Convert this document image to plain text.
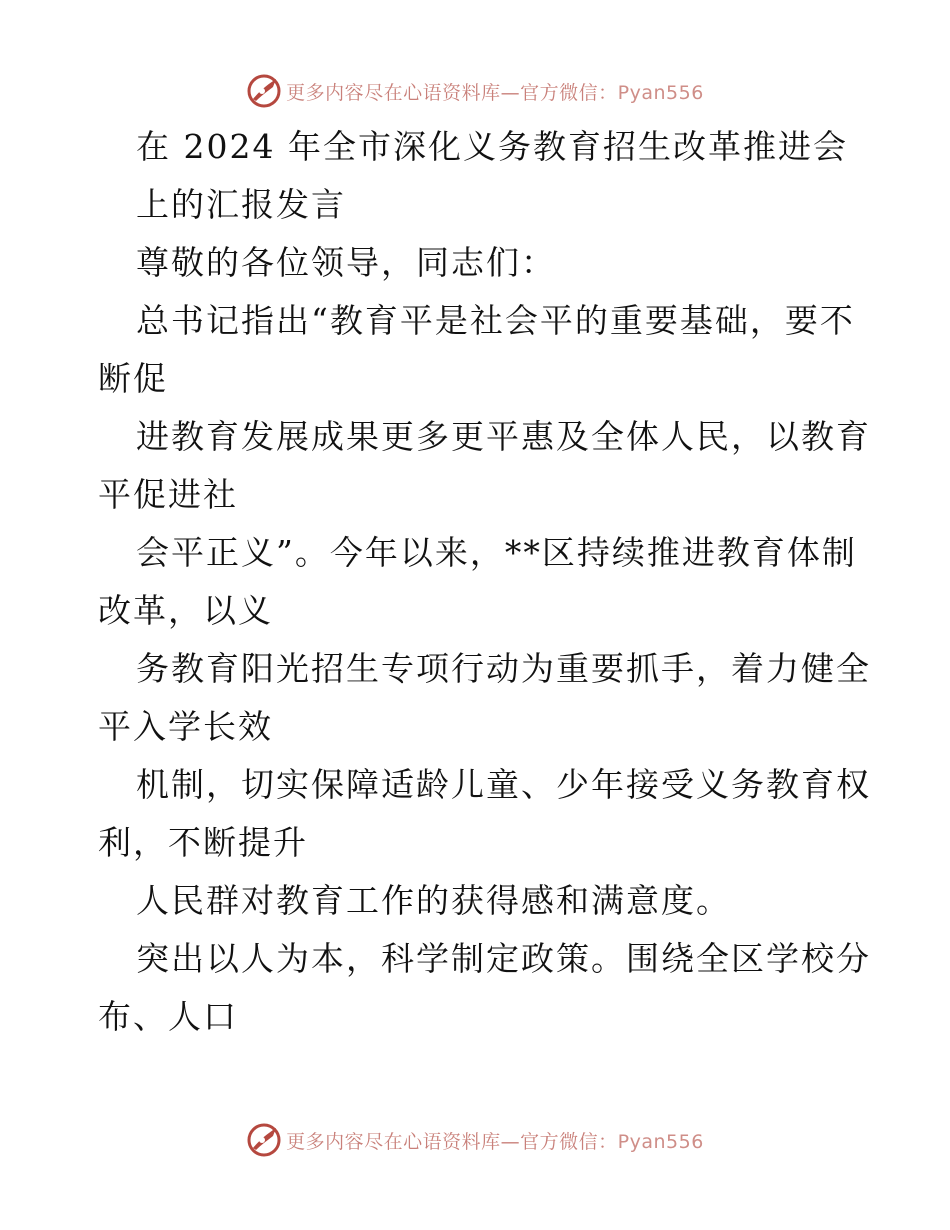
更多内容尽在心语资料库—官方微信：Pyan556
在 2024 年全市深化义务教育招生改革推进会
上的汇报发言
尊敬的各位领导，同志们：
总书记指出“教育平是社会平的重要基础，要不
断促
进教育发展成果更多更平惠及全体人民，以教育
平促进社
会平正义”。今年以来，**区持续推进教育体制
改革，以义
务教育阳光招生专项行动为重要抓手，着力健全
平入学长效
机制，切实保障适龄儿童、少年接受义务教育权
利，不断提升
人民群对教育工作的获得感和满意度。
突出以人为本，科学制定政策。围绕全区学校分
布、人口
更多内容尽在心语资料库—官方微信：Pyan556
